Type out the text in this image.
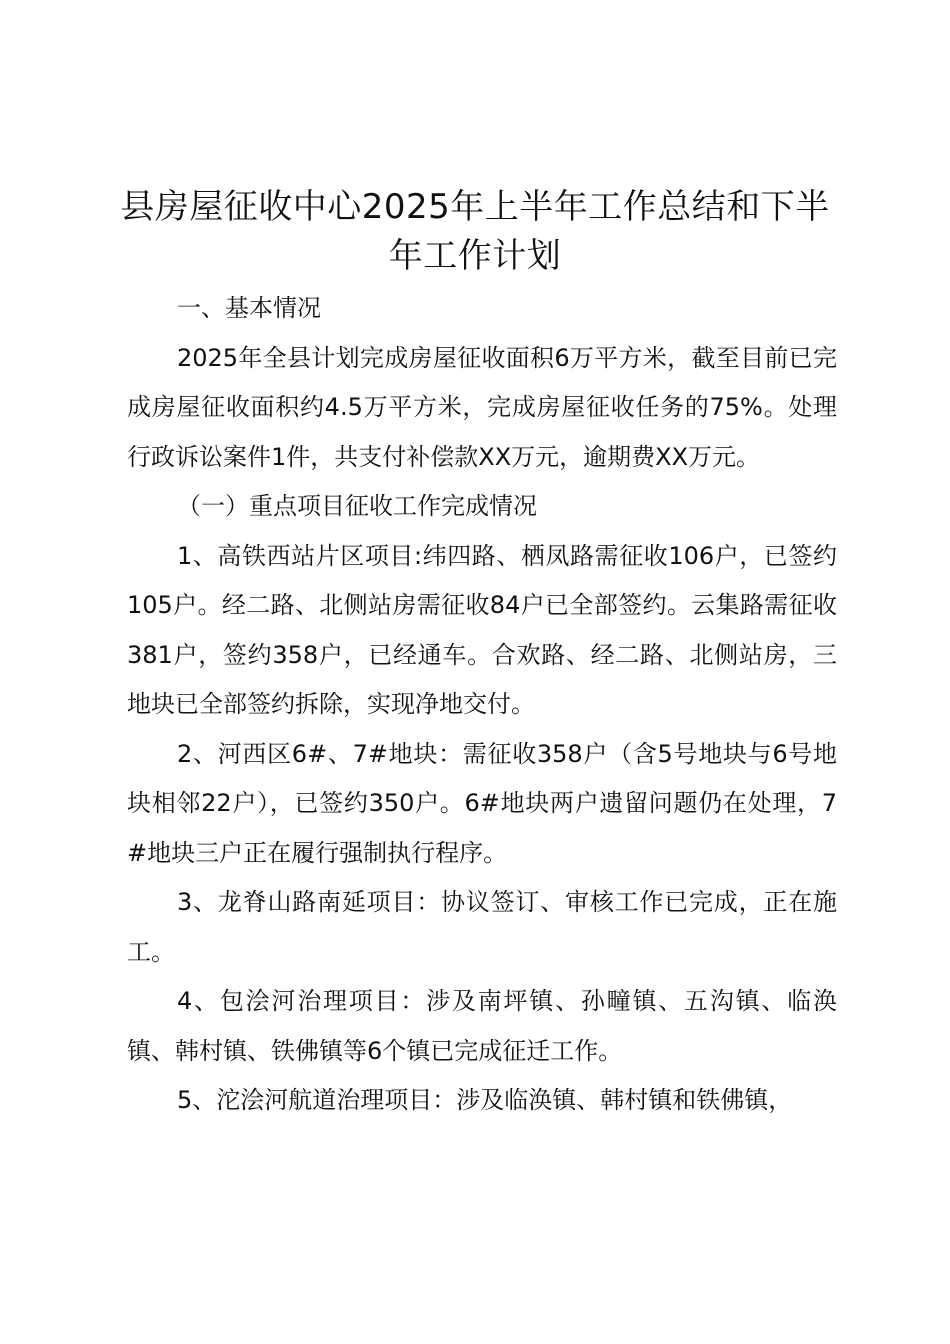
县房屋征收中心2025年上半年工作总结和下半年工作计划

一、基本情况

2025年全县计划完成房屋征收面积6万平方米，截至目前已完成房屋征收面积约4.5万平方米，完成房屋征收任务的75%。处理行政诉讼案件1件，共支付补偿款XX万元，逾期费XX万元。

（一）重点项目征收工作完成情况

1、高铁西站片区项目:纬四路、栖凤路需征收106户，已签约105户。经二路、北侧站房需征收84户已全部签约。云集路需征收381户，签约358户，已经通车。合欢路、经二路、北侧站房，三地块已全部签约拆除，实现净地交付。

2、河西区6#、7#地块：需征收358户（含5号地块与6号地块相邻22户），已签约350户。6#地块两户遗留问题仍在处理，7#地块三户正在履行强制执行程序。

3、龙脊山路南延项目：协议签订、审核工作已完成，正在施工。

4、包浍河治理项目：涉及南坪镇、孙疃镇、五沟镇、临涣镇、韩村镇、铁佛镇等6个镇已完成征迁工作。

5、沱浍河航道治理项目：涉及临涣镇、韩村镇和铁佛镇，
